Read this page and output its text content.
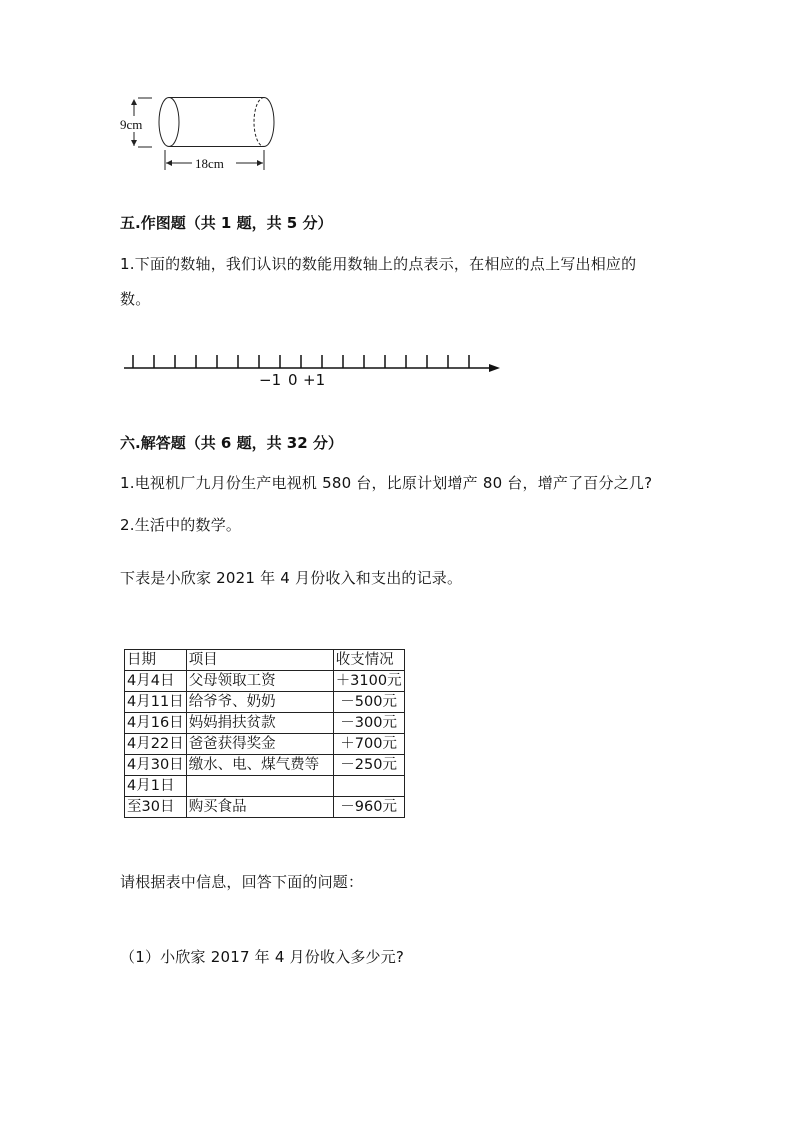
9cm
18cm
五.作图题（共 1 题，共 5 分）
1.下面的数轴，我们认识的数能用数轴上的点表示，在相应的点上写出相应的
数。
−1 0 +1
六.解答题（共 6 题，共 32 分）
1.电视机厂九月份生产电视机 580 台，比原计划增产 80 台，增产了百分之几?
2.生活中的数学。
下表是小欣家 2021 年 4 月份收入和支出的记录。
日期	项目	收支情况
4月4日	父母领取工资	＋3100元
4月11日	给爷爷、奶奶	－500元
4月16日	妈妈捐扶贫款	－300元
4月22日	爸爸获得奖金	＋700元
4月30日	缴水、电、煤气费等	－250元
4月1日		
至30日	购买食品	－960元
请根据表中信息，回答下面的问题：
（1）小欣家 2017 年 4 月份收入多少元?
